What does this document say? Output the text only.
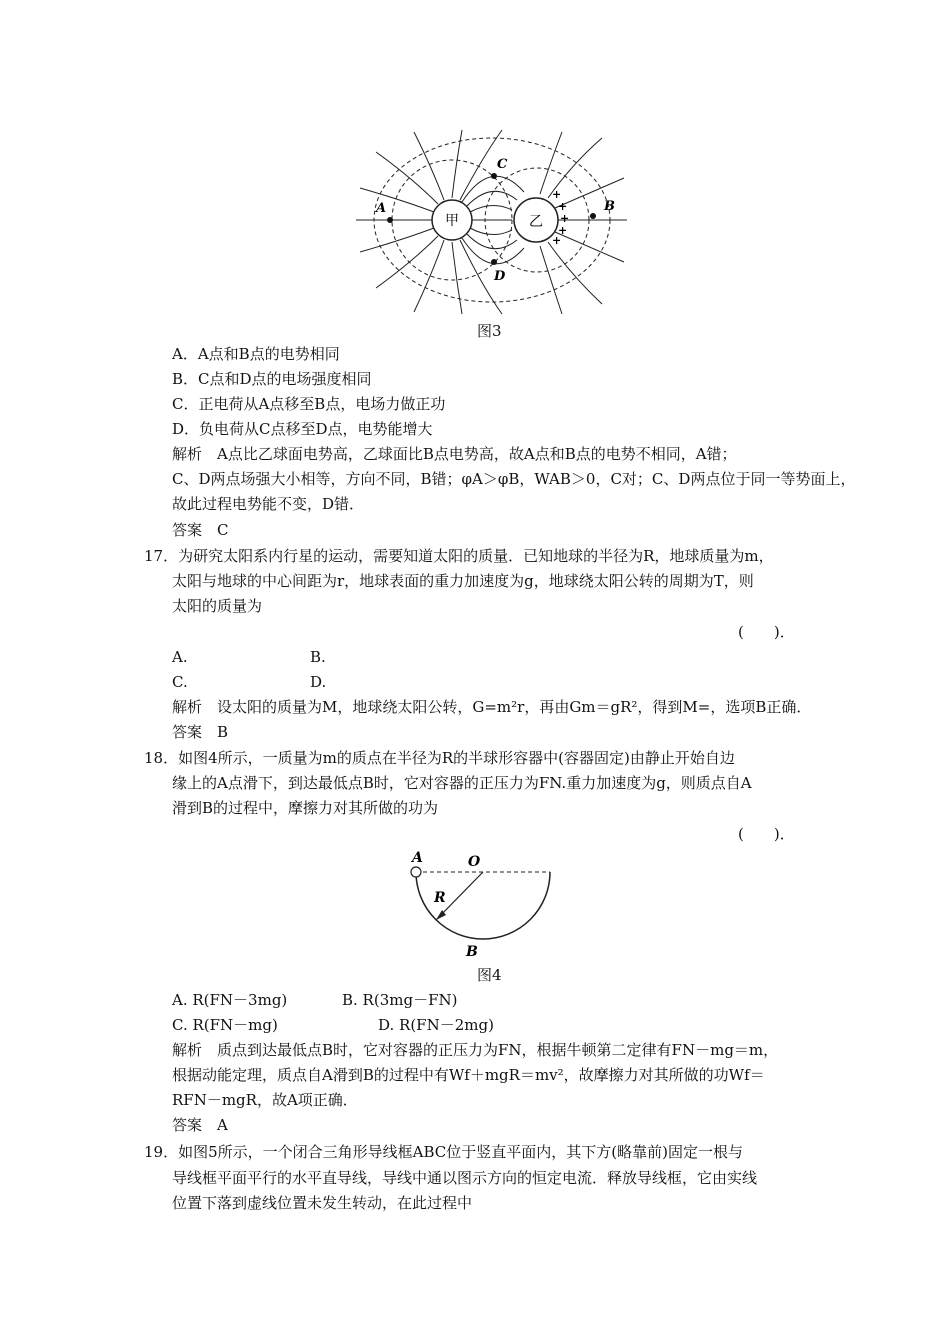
甲	乙
A	B
C
D
+
+
+
+
+
图3
A．A点和B点的电势相同
B．C点和D点的电场强度相同
C．正电荷从A点移至B点，电场力做正功
D．负电荷从C点移至D点，电势能增大
解析　A点比乙球面电势高，乙球面比B点电势高，故A点和B点的电势不相同，A错；
C、D两点场强大小相等，方向不同，B错；φA＞φB，WAB＞0，C对；C、D两点位于同一等势面上，
故此过程电势能不变，D错．
答案　C
17．为研究太阳系内行星的运动，需要知道太阳的质量．已知地球的半径为R，地球质量为m，
太阳与地球的中心间距为r，地球表面的重力加速度为g，地球绕太阳公转的周期为T，则
太阳的质量为
(　　)．
A.	B.
C.	D.
解析　设太阳的质量为M，地球绕太阳公转，G=m²r，再由Gm＝gR²，得到M=，选项B正确．
答案　B
18．如图4所示，一质量为m的质点在半径为R的半球形容器中(容器固定)由静止开始自边
缘上的A点滑下，到达最低点B时，它对容器的正压力为FN.重力加速度为g，则质点自A
滑到B的过程中，摩擦力对其所做的功为
(　　)．
A	O
R
B
图4
A. R(FN－3mg)	B. R(3mg－FN)
C. R(FN－mg)	D. R(FN－2mg)
解析　质点到达最低点B时，它对容器的正压力为FN，根据牛顿第二定律有FN－mg＝m，
根据动能定理，质点自A滑到B的过程中有Wf＋mgR＝mv²，故摩擦力对其所做的功Wf＝
RFN－mgR，故A项正确．
答案　A
19．如图5所示，一个闭合三角形导线框ABC位于竖直平面内，其下方(略靠前)固定一根与
导线框平面平行的水平直导线，导线中通以图示方向的恒定电流．释放导线框，它由实线
位置下落到虚线位置未发生转动，在此过程中
